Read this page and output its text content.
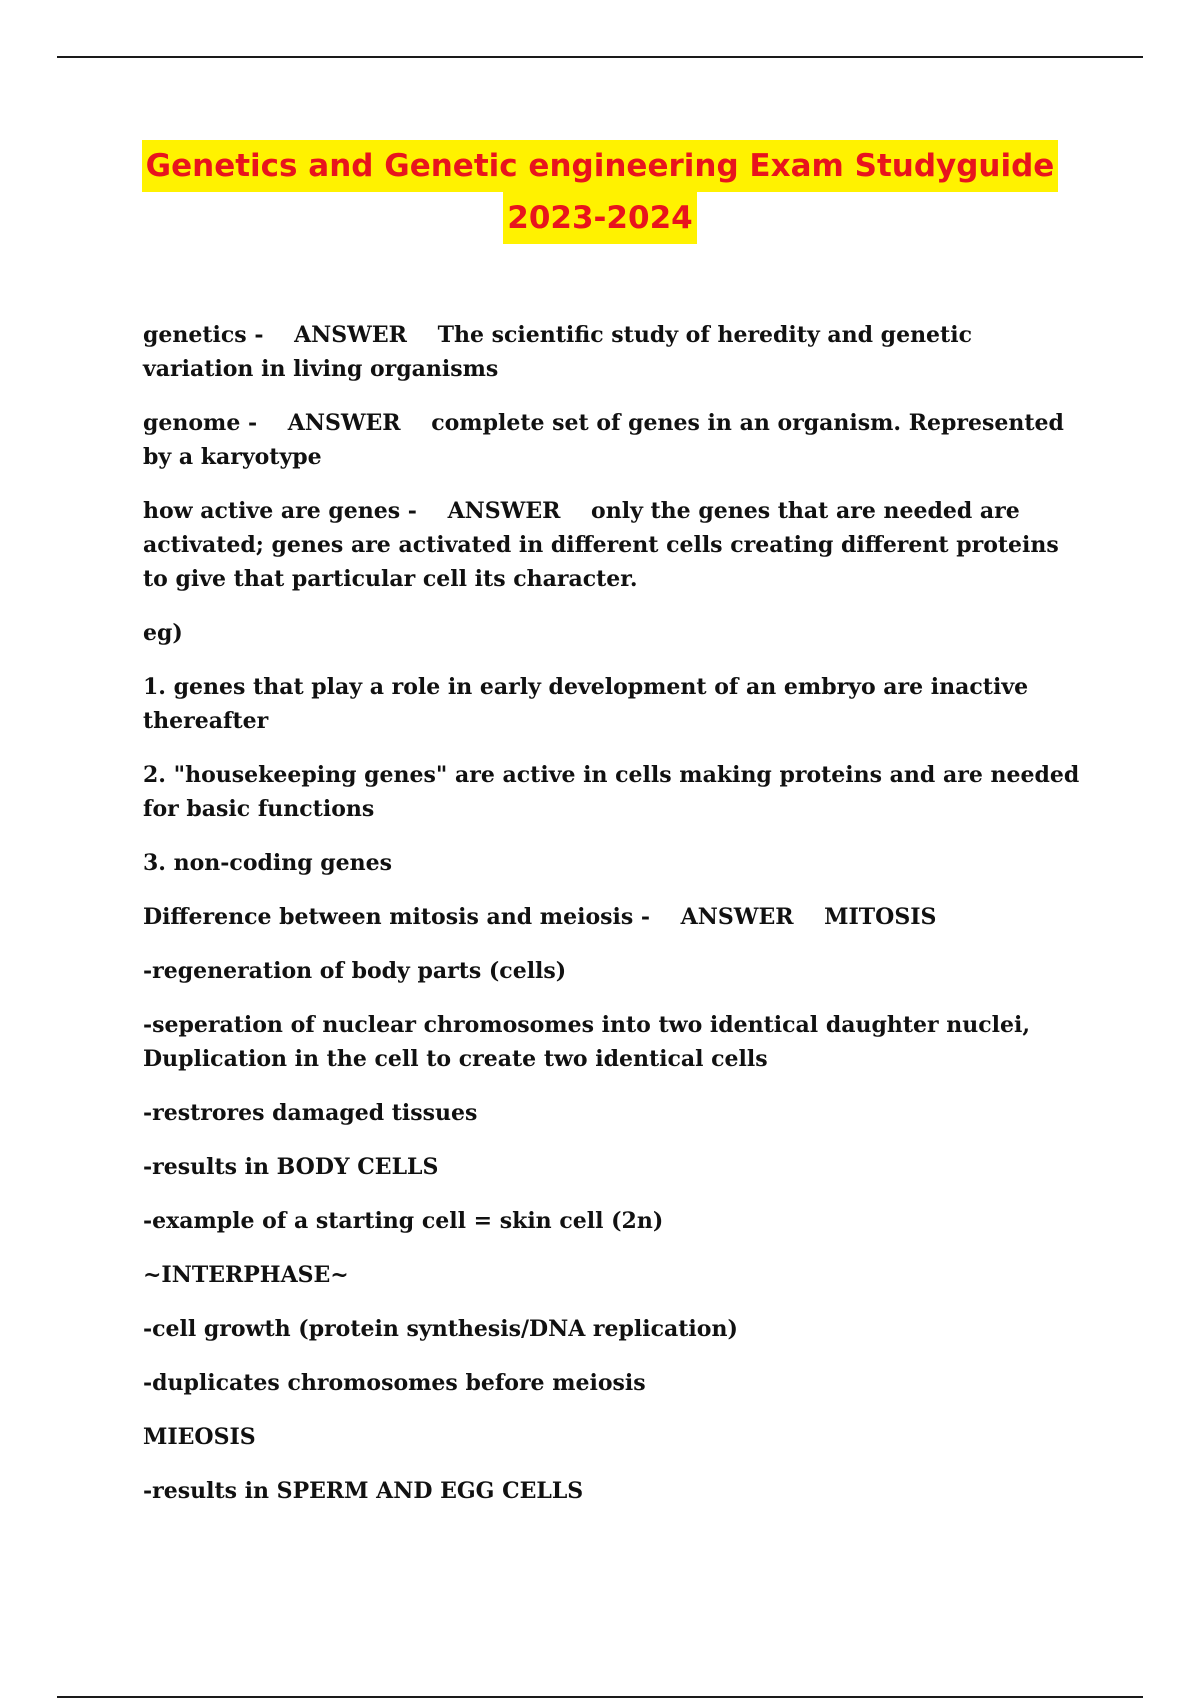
Genetics and Genetic engineering Exam Studyguide
2023-2024

genetics - ANSWER The scientific study of heredity and genetic variation in living organisms

genome - ANSWER complete set of genes in an organism. Represented by a karyotype

how active are genes - ANSWER only the genes that are needed are activated; genes are activated in different cells creating different proteins to give that particular cell its character.

eg)

1. genes that play a role in early development of an embryo are inactive thereafter

2. "housekeeping genes" are active in cells making proteins and are needed for basic functions

3. non-coding genes

Difference between mitosis and meiosis - ANSWER MITOSIS

-regeneration of body parts (cells)

-seperation of nuclear chromosomes into two identical daughter nuclei, Duplication in the cell to create two identical cells

-restrores damaged tissues

-results in BODY CELLS

-example of a starting cell = skin cell (2n)

~INTERPHASE~

-cell growth (protein synthesis/DNA replication)

-duplicates chromosomes before meiosis

MIEOSIS

-results in SPERM AND EGG CELLS
